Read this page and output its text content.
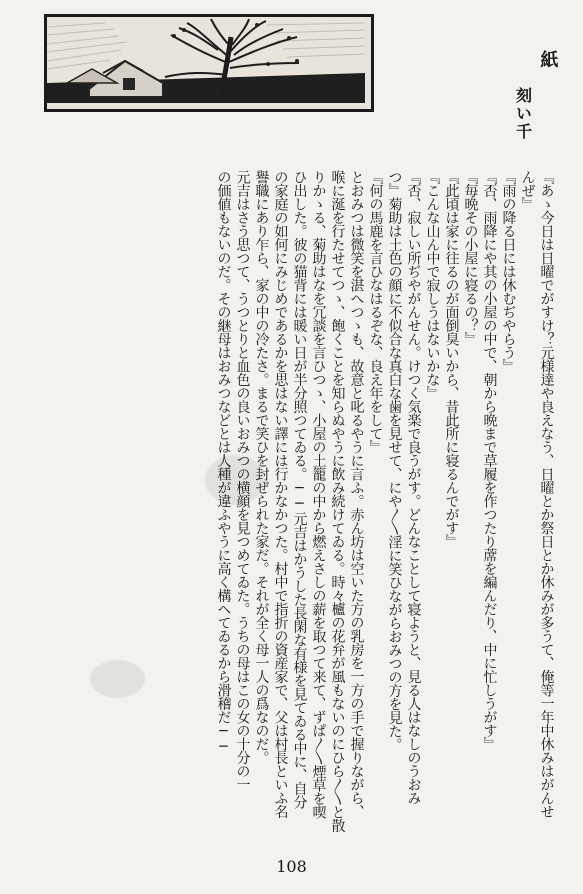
紙
刻い千
『あゝ今日は日曜でがすけ？元様達や良えなう、日曜とか祭日とか休みが多うて、俺等一年中休みはがんせ
んぜ』
『雨の降る日には休むぢやらう』
『否、雨降にや其の小屋の中で、朝から晩まで草履を作つたり蓆を編んだり、中に忙しうがす』
『毎晩その小屋に寝るの？』
『此頃は家に往るのが面倒臭いから、昔此所に寝るんでがす』
『こんな山ん中で寂しうはないかな』
『否、寂しい所ぢやがんせん。けつく気楽で良うがす。どんなことして寝ようと、見る人はなしのうおみ
つ』菊助は土色の顔に不似合な真白な歯を見せて、にや〳〵淫に笑ひながらおみつの方を見た。
『何の馬鹿を言ひなはるぞな、良え年をして』
とおみつは微笑を湛へつゝも、故意と叱るやうに言ふ。赤ん坊は空いた方の乳房を一方の手で握りながら、
喉に涎を行たせてつゝ、飽くことを知らぬやうに飲み続けてゐる。時々櫨の花弁が風もないのにひら〳〵と散
りかゝる、菊助はなを冗談を言ひつゝ、小屋の土籠の中から燃えさしの薪を取つて来て、ずぱ〳〵煙草を喫
ひ出した。彼の猫背には暖い日が半分照つてゐる。──元吉はかうした長閑な有様を見てゐる中に、自分
の家庭の如何にみじめであるかを思はない譯には行かなかつた。村中で指折の資産家で、父は村長といふ名
譽職にあり乍ら、家の中の冷たさ。まるで笑ひを封ぜられた家だ。それが全く母一人の爲なのだ。
元吉はさう思つて、うつとりと血色の良いおみつの横顔を見つめてゐた。うちの母はこの女の十分の一
の価値もないのだ。その継母はおみつなどとは人種が違ふやうに高く構へてゐるから滑稽だ──
108
